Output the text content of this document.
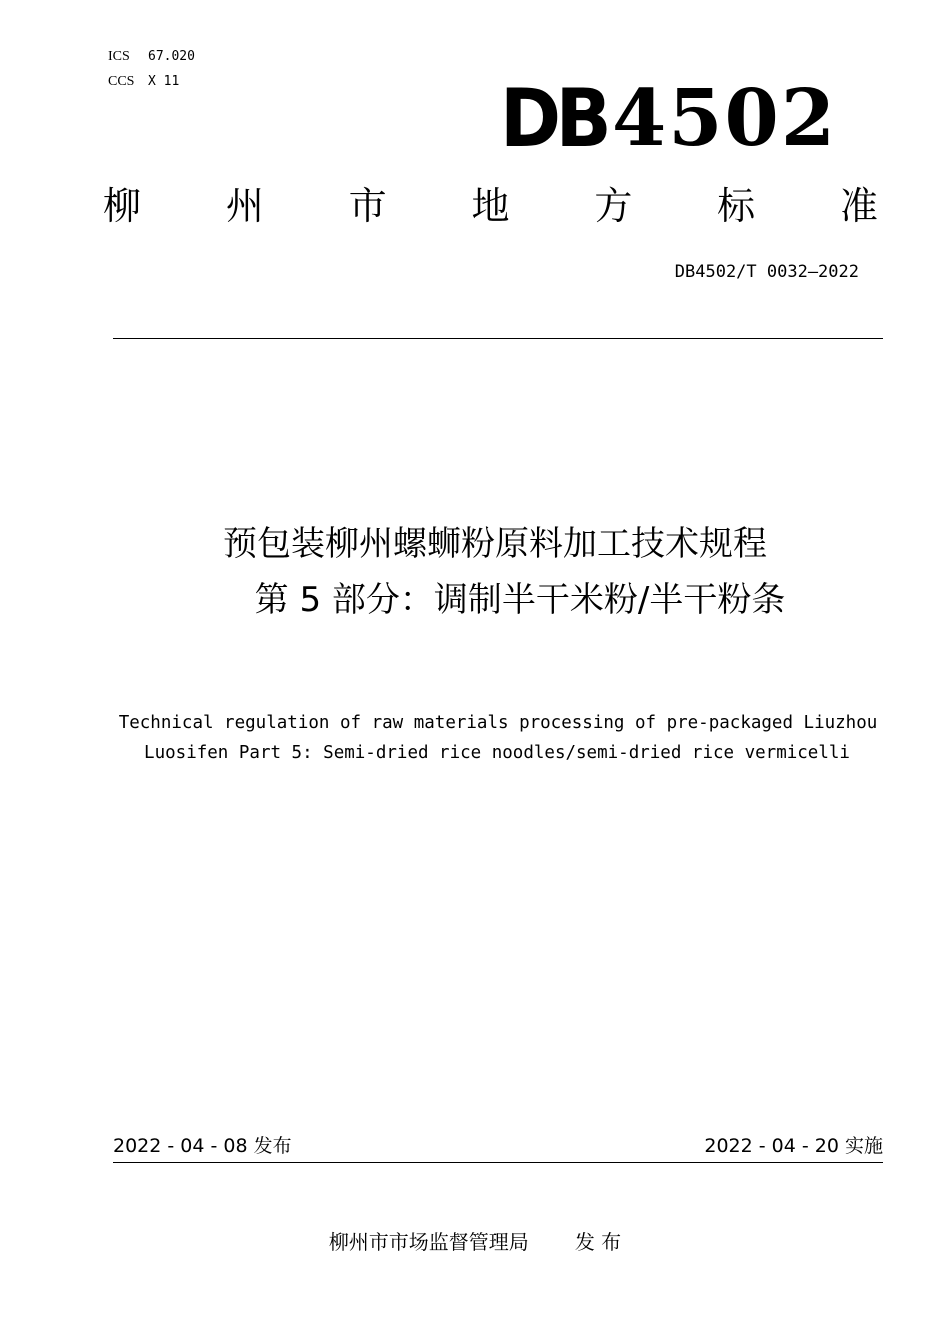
ICS 67.020
CCS X 11	DB 4502
柳 州 市 地 方 标 准
DB4502/T 0032—2022
预包装柳州螺蛳粉原料加工技术规程
第 5 部分：调制半干米粉/半干粉条
Technical regulation of raw materials processing of pre-packaged Liuzhou
Luosifen Part 5: Semi-dried rice noodles/semi-dried rice vermicelli
2022 - 04 - 08 发布	2022 - 04 - 20 实施
柳州市市场监督管理局 发 布
